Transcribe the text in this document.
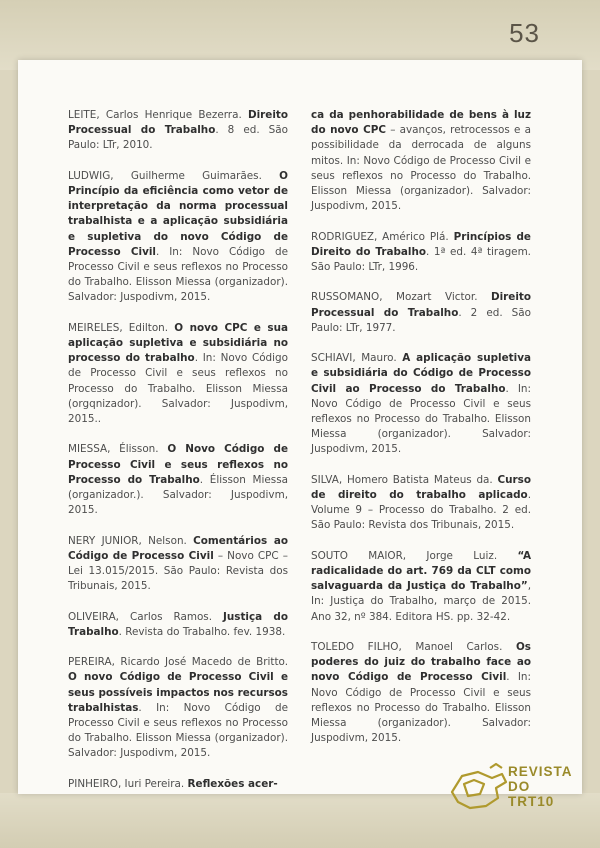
53

LEITE, Carlos Henrique Bezerra. Direito Processual do Trabalho. 8 ed. São Paulo: LTr, 2010.

LUDWIG, Guilherme Guimarães. O Princípio da eficiência como vetor de interpretação da norma processual trabalhista e a aplicação subsidiária e supletiva do novo Código de Processo Civil. In: Novo Código de Processo Civil e seus reflexos no Processo do Trabalho. Elisson Miessa (organizador). Salvador: Juspodivm, 2015.

MEIRELES, Edilton. O novo CPC e sua aplicação supletiva e subsidiária no processo do trabalho. In: Novo Código de Processo Civil e seus reflexos no Processo do Trabalho. Elisson Miessa (orgqnizador). Salvador: Juspodivm, 2015..

MIESSA, Élisson. O Novo Código de Processo Civil e seus reflexos no Processo do Trabalho. Élisson Miessa (organizador.). Salvador: Juspodivm, 2015.

NERY JUNIOR, Nelson. Comentários ao Código de Processo Civil – Novo CPC – Lei 13.015/2015. São Paulo: Revista dos Tribunais, 2015.

OLIVEIRA, Carlos Ramos. Justiça do Trabalho. Revista do Trabalho. fev. 1938.

PEREIRA, Ricardo José Macedo de Britto. O novo Código de Processo Civil e seus possíveis impactos nos recursos trabalhistas. In: Novo Código de Processo Civil e seus reflexos no Processo do Trabalho. Elisson Miessa (organizador). Salvador: Juspodivm, 2015.

PINHEIRO, Iuri Pereira. Reflexões acer-

ca da penhorabilidade de bens à luz do novo CPC – avanços, retrocessos e a possibilidade da derrocada de alguns mitos. In: Novo Código de Processo Civil e seus reflexos no Processo do Trabalho. Elisson Miessa (organizador). Salvador: Juspodivm, 2015.

RODRIGUEZ, Américo Plá. Princípios de Direito do Trabalho. 1ª ed. 4ª tiragem. São Paulo: LTr, 1996.

RUSSOMANO, Mozart Victor. Direito Processual do Trabalho. 2 ed. São Paulo: LTr, 1977.

SCHIAVI, Mauro. A aplicação supletiva e subsidiária do Código de Processo Civil ao Processo do Trabalho. In: Novo Código de Processo Civil e seus reflexos no Processo do Trabalho. Elisson Miessa (organizador). Salvador: Juspodivm, 2015.

SILVA, Homero Batista Mateus da. Curso de direito do trabalho aplicado. Volume 9 – Processo do Trabalho. 2 ed. São Paulo: Revista dos Tribunais, 2015.

SOUTO MAIOR, Jorge Luiz. “A radicalidade do art. 769 da CLT como salvaguarda da Justiça do Trabalho”, In: Justiça do Trabalho, março de 2015. Ano 32, nº 384. Editora HS. pp. 32-42.

TOLEDO FILHO, Manoel Carlos. Os poderes do juiz do trabalho face ao novo Código de Processo Civil. In: Novo Código de Processo Civil e seus reflexos no Processo do Trabalho. Elisson Miessa (organizador). Salvador: Juspodivm, 2015.

REVISTA
DO TRT10
